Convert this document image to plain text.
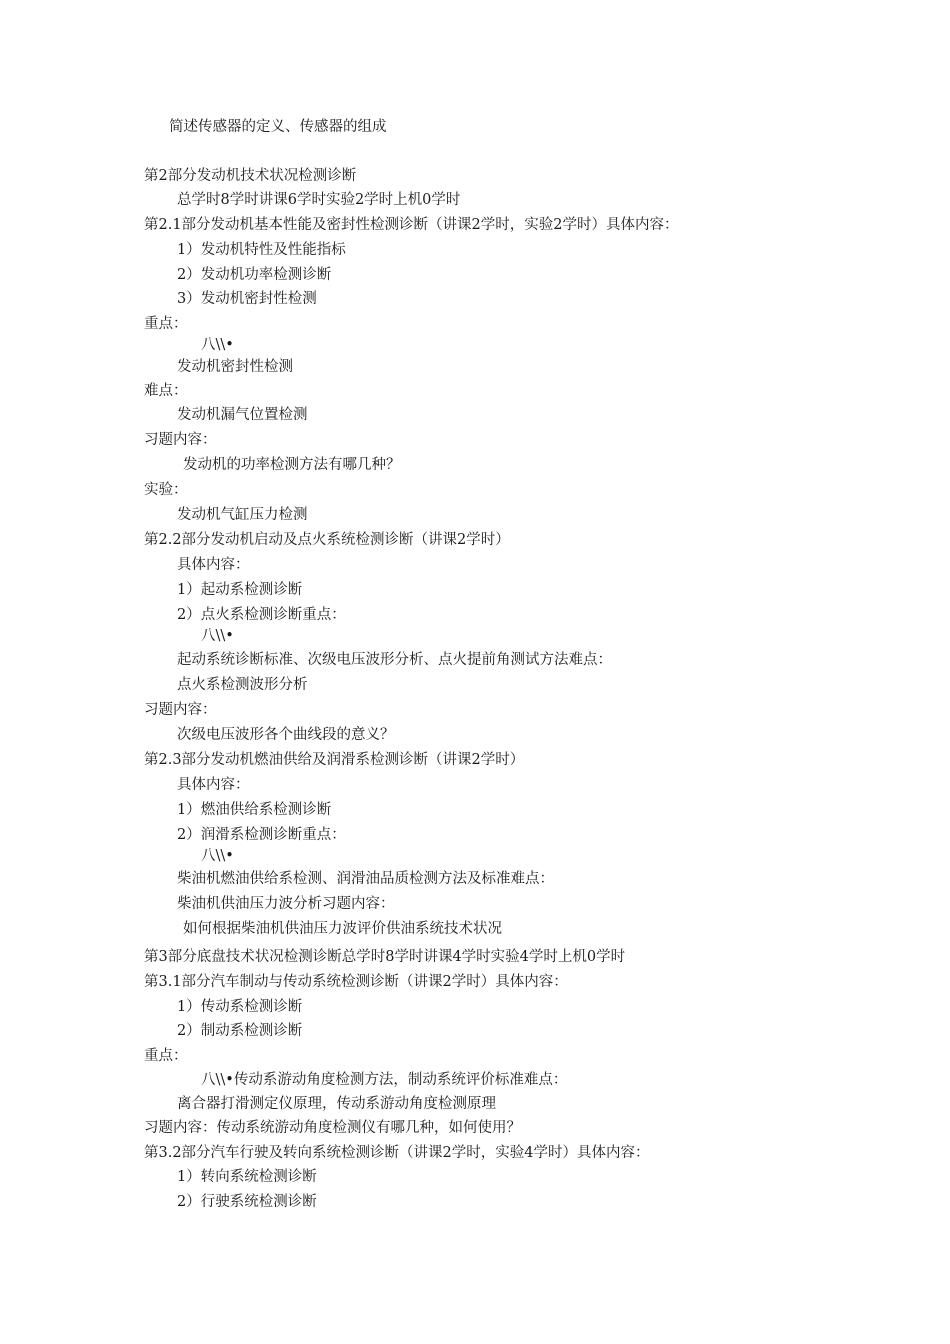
简述传感器的定义、传感器的组成

第2部分发动机技术状况检测诊断

总学时8学时讲课6学时实验2学时上机0学时

第2.1部分发动机基本性能及密封性检测诊断（讲课2学时，实验2学时）具体内容：

1）发动机特性及性能指标

2）发动机功率检测诊断

3）发动机密封性检测

重点：

八\\•

发动机密封性检测

难点：

发动机漏气位置检测

习题内容：

发动机的功率检测方法有哪几种？

实验：

发动机气缸压力检测

第2.2部分发动机启动及点火系统检测诊断（讲课2学时）

具体内容：

1）起动系检测诊断

2）点火系检测诊断重点：

八\\•

起动系统诊断标准、次级电压波形分析、点火提前角测试方法难点：

点火系检测波形分析

习题内容：

次级电压波形各个曲线段的意义？

第2.3部分发动机燃油供给及润滑系检测诊断（讲课2学时）

具体内容：

1）燃油供给系检测诊断

2）润滑系检测诊断重点：

八\\•

柴油机燃油供给系检测、润滑油品质检测方法及标准难点：

柴油机供油压力波分析习题内容：

如何根据柴油机供油压力波评价供油系统技术状况

第3部分底盘技术状况检测诊断总学时8学时讲课4学时实验4学时上机0学时

第3.1部分汽车制动与传动系统检测诊断（讲课2学时）具体内容：

1）传动系检测诊断

2）制动系检测诊断

重点：

八\\•传动系游动角度检测方法，制动系统评价标准难点：

离合器打滑测定仪原理，传动系游动角度检测原理

习题内容：传动系统游动角度检测仪有哪几种，如何使用？

第3.2部分汽车行驶及转向系统检测诊断（讲课2学时，实验4学时）具体内容：

1）转向系统检测诊断

2）行驶系统检测诊断
